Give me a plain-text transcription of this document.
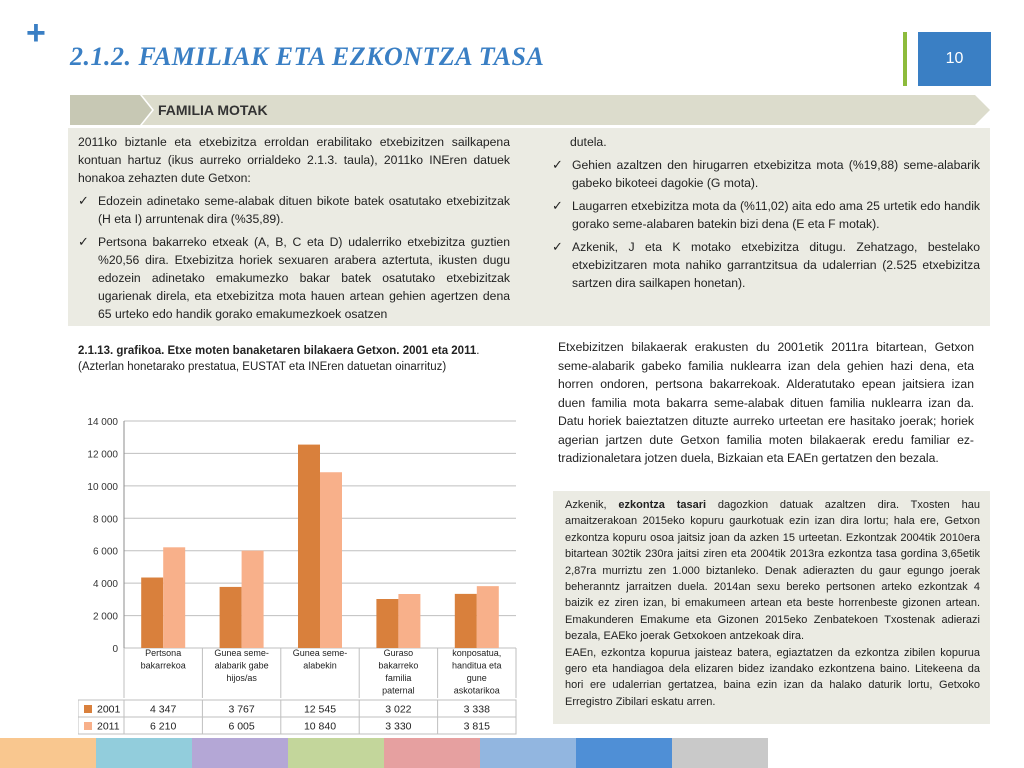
+
2.1.2. FAMILIAK ETA EZKONTZA TASA	10
FAMILIA MOTAK

2011ko biztanle eta etxebizitza erroldan erabilitako etxebizitzen sailkapena kontuan hartuz (ikus aurreko orrialdeko 2.1.3. taula), 2011ko INEren datuek honakoa zehazten dute Getxon:

✓ Edozein adinetako seme-alabak dituen bikote batek osatutako etxebizitzak (H eta I) arruntenak dira (%35,89).
✓ Pertsona bakarreko etxeak (A, B, C eta D) udalerriko etxebizitza guztien %20,56 dira. Etxebizitza horiek sexuaren arabera aztertuta, ikusten dugu edozein adinetako emakumezko bakar batek osatutako etxebizitzak ugarienak direla, eta etxebizitza mota hauen artean gehien agertzen dena 65 urteko edo handik gorako emakumezkoek osatzen

dutela.

✓ Gehien azaltzen den hirugarren etxebizitza mota (%19,88) seme-alabarik gabeko bikoteei dagokie (G mota).
✓ Laugarren etxebizitza mota da (%11,02) aita edo ama 25 urtetik edo handik gorako seme-alabaren batekin bizi dena (E eta F motak).
✓ Azkenik, J eta K motako etxebizitza ditugu. Zehatzago, bestelako etxebizitzaren mota nahiko garrantzitsua da udalerrian (2.525 etxebizitza sartzen dira sailkapen honetan).
2.1.13. grafikoa. Etxe moten banaketaren bilakaera Getxon. 2001 eta 2011.
(Azterlan honetarako prestatua, EUSTAT eta INEren datuetan oinarrituz)
Etxebizitzen bilakaerak erakusten du 2001etik 2011ra bitartean, Getxon seme-alabarik gabeko familia nuklearra izan dela gehien hazi dena, eta horren ondoren, pertsona bakarrekoak. Alderatutako epean jaitsiera izan duen familia mota bakarra seme-alabak dituen familia nuklearra izan da. Datu horiek baieztatzen dituzte aurreko urteetan ere hasitako joerak; horiek agerian jartzen dute Getxon familia moten bilakaerak eredu familiar ez-tradizionaletara jotzen duela, Bizkaian eta EAEn gertatzen den bezala.
Azkenik, ezkontza tasari dagozkion datuak azaltzen dira. Txosten hau amaitzerakoan 2015eko kopuru gaurkotuak ezin izan dira lortu; hala ere, Getxon ezkontza kopuru osoa jaitsiz joan da azken 15 urteetan. Ezkontzak 2004tik 2010era bitartean 302tik 230ra jaitsi ziren eta 2004tik 2013ra ezkontza tasa gordina 3,65etik 2,87ra murriztu zen 1.000 biztanleko. Denak adierazten du gaur egungo joerak beheranntz jarraitzen duela. 2014an sexu bereko pertsonen arteko ezkontzak 4 baizik ez ziren izan, bi emakumeen artean eta beste horrenbeste gizonen artean. Emakunderen Emakume eta Gizonen 2015eko Zenbatekoen Txostenak adierazi bezala, EAEko joerak Getxokoen antzekoak dira.
EAEn, ezkontza kopurua jaisteaz batera, egiaztatzen da ezkontza zibilen kopurua gero eta handiagoa dela elizaren bidez izandako ezkontzena baino. Litekeena da hori ere udalerrian gertatzea, baina ezin izan da halako daturik lortu, Getxoko Erregistro Zibilari eskatu arren.
0
2 000
4 000
6 000
8 000
10 000
12 000
14 000
Pertsona
bakarrekoa
Gunea seme-
alabarik gabe
hijos/as
Gunea seme-
alabekin
Guraso
bakarreko
familia
paternal
konposatua,
handitua eta
gune
askotarikoa
2001	4 347	3 767	12 545	3 022	3 338
2011	6 210	6 005	10 840	3 330	3 815
